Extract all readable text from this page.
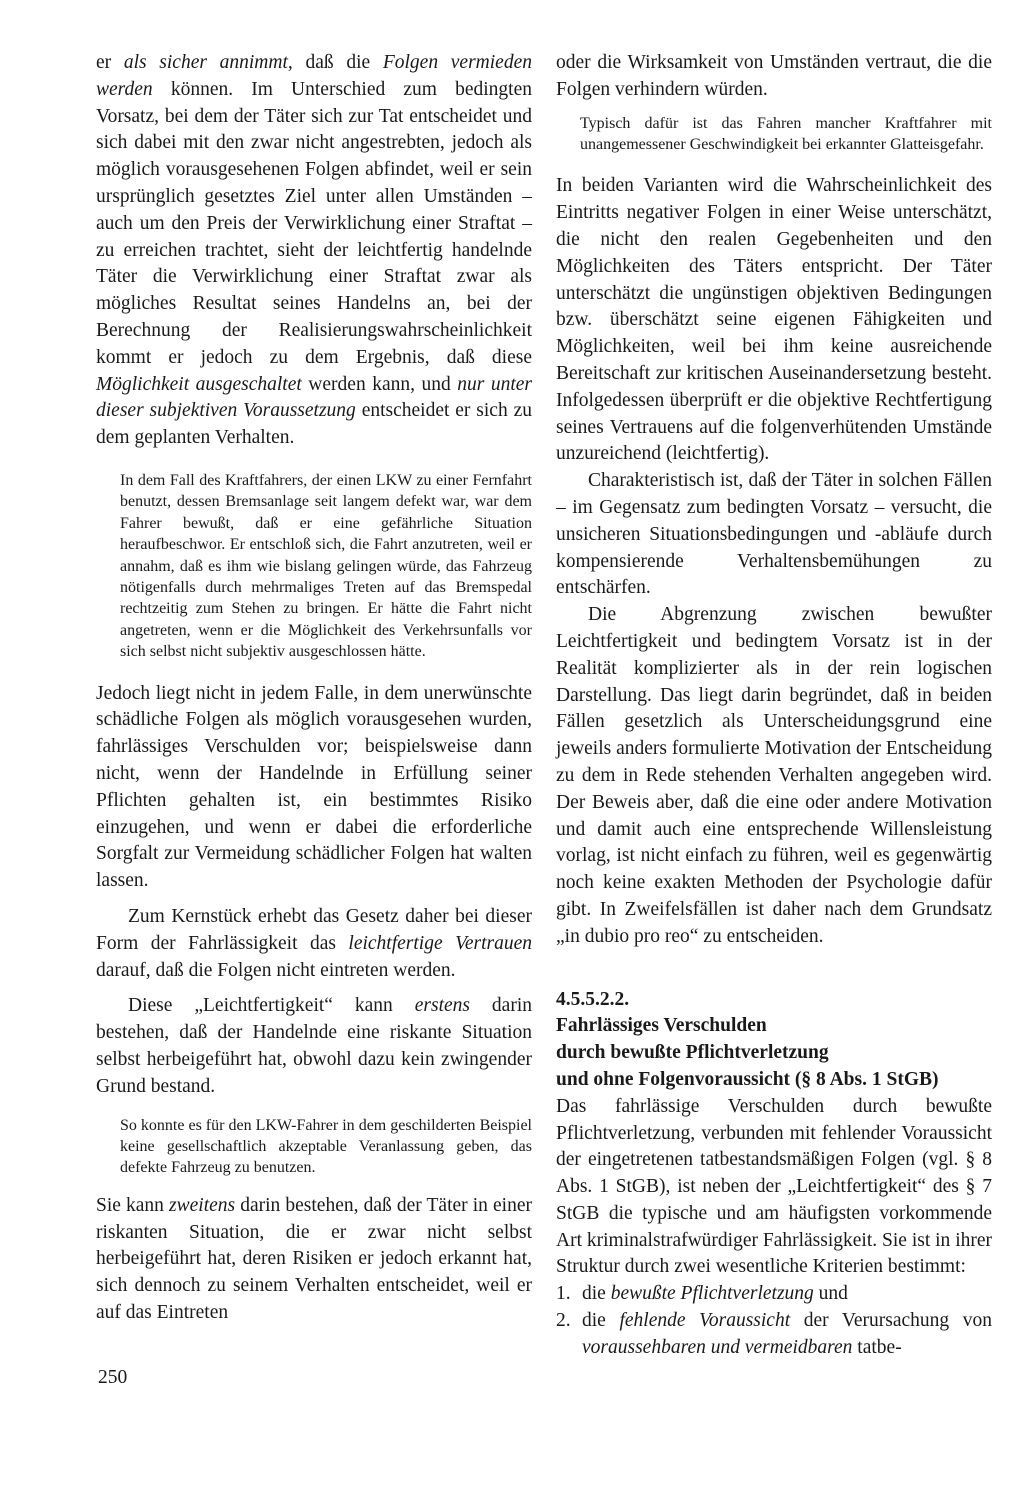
er als sicher annimmt, daß die Folgen vermieden werden können. Im Unterschied zum bedingten Vorsatz, bei dem der Täter sich zur Tat entscheidet und sich dabei mit den zwar nicht angestrebten, jedoch als möglich vorausgesehenen Folgen abfindet, weil er sein ursprünglich gesetztes Ziel unter allen Umständen – auch um den Preis der Verwirklichung einer Straftat – zu erreichen trachtet, sieht der leichtfertig handelnde Täter die Verwirklichung einer Straftat zwar als mögliches Resultat seines Handelns an, bei der Berechnung der Realisierungswahrscheinlichkeit kommt er jedoch zu dem Ergebnis, daß diese Möglichkeit ausgeschaltet werden kann, und nur unter dieser subjektiven Voraussetzung entscheidet er sich zu dem geplanten Verhalten.

In dem Fall des Kraftfahrers, der einen LKW zu einer Fernfahrt benutzt, dessen Bremsanlage seit langem defekt war, war dem Fahrer bewußt, daß er eine gefährliche Situation heraufbeschwor. Er entschloß sich, die Fahrt anzutreten, weil er annahm, daß es ihm wie bislang gelingen würde, das Fahrzeug nötigenfalls durch mehrmaliges Treten auf das Bremspedal rechtzeitig zum Stehen zu bringen. Er hätte die Fahrt nicht angetreten, wenn er die Möglichkeit des Verkehrsunfalls vor sich selbst nicht subjektiv ausgeschlossen hätte.

Jedoch liegt nicht in jedem Falle, in dem unerwünschte schädliche Folgen als möglich vorausgesehen wurden, fahrlässiges Verschulden vor; beispielsweise dann nicht, wenn der Handelnde in Erfüllung seiner Pflichten gehalten ist, ein bestimmtes Risiko einzugehen, und wenn er dabei die erforderliche Sorgfalt zur Vermeidung schädlicher Folgen hat walten lassen.

Zum Kernstück erhebt das Gesetz daher bei dieser Form der Fahrlässigkeit das leichtfertige Vertrauen darauf, daß die Folgen nicht eintreten werden.

Diese „Leichtfertigkeit“ kann erstens darin bestehen, daß der Handelnde eine riskante Situation selbst herbeigeführt hat, obwohl dazu kein zwingender Grund bestand.

So konnte es für den LKW-Fahrer in dem geschilderten Beispiel keine gesellschaftlich akzeptable Veranlassung geben, das defekte Fahrzeug zu benutzen.

Sie kann zweitens darin bestehen, daß der Täter in einer riskanten Situation, die er zwar nicht selbst herbeigeführt hat, deren Risiken er jedoch erkannt hat, sich dennoch zu seinem Verhalten entscheidet, weil er auf das Eintreten

oder die Wirksamkeit von Umständen vertraut, die die Folgen verhindern würden.

Typisch dafür ist das Fahren mancher Kraftfahrer mit unangemessener Geschwindigkeit bei erkannter Glatteisgefahr.

In beiden Varianten wird die Wahrscheinlichkeit des Eintritts negativer Folgen in einer Weise unterschätzt, die nicht den realen Gegebenheiten und den Möglichkeiten des Täters entspricht. Der Täter unterschätzt die ungünstigen objektiven Bedingungen bzw. überschätzt seine eigenen Fähigkeiten und Möglichkeiten, weil bei ihm keine ausreichende Bereitschaft zur kritischen Auseinandersetzung besteht. Infolgedessen überprüft er die objektive Rechtfertigung seines Vertrauens auf die folgenverhütenden Umstände unzureichend (leichtfertig).

Charakteristisch ist, daß der Täter in solchen Fällen – im Gegensatz zum bedingten Vorsatz – versucht, die unsicheren Situationsbedingungen und -abläufe durch kompensierende Verhaltensbemühungen zu entschärfen.

Die Abgrenzung zwischen bewußter Leichtfertigkeit und bedingtem Vorsatz ist in der Realität komplizierter als in der rein logischen Darstellung. Das liegt darin begründet, daß in beiden Fällen gesetzlich als Unterscheidungsgrund eine jeweils anders formulierte Motivation der Entscheidung zu dem in Rede stehenden Verhalten angegeben wird. Der Beweis aber, daß die eine oder andere Motivation und damit auch eine entsprechende Willensleistung vorlag, ist nicht einfach zu führen, weil es gegenwärtig noch keine exakten Methoden der Psychologie dafür gibt. In Zweifelsfällen ist daher nach dem Grundsatz „in dubio pro reo“ zu entscheiden.

4.5.5.2.2.

Fahrlässiges Verschulden

durch bewußte Pflichtverletzung

und ohne Folgenvoraussicht (§ 8 Abs. 1 StGB)

Das fahrlässige Verschulden durch bewußte Pflichtverletzung, verbunden mit fehlender Voraussicht der eingetretenen tatbestandsmäßigen Folgen (vgl. § 8 Abs. 1 StGB), ist neben der „Leichtfertigkeit“ des § 7 StGB die typische und am häufigsten vorkommende Art kriminalstrafwürdiger Fahrlässigkeit. Sie ist in ihrer Struktur durch zwei wesentliche Kriterien bestimmt:

1. die bewußte Pflichtverletzung und
2. die fehlende Voraussicht der Verursachung von voraussehbaren und vermeidbaren tatbe-
250
